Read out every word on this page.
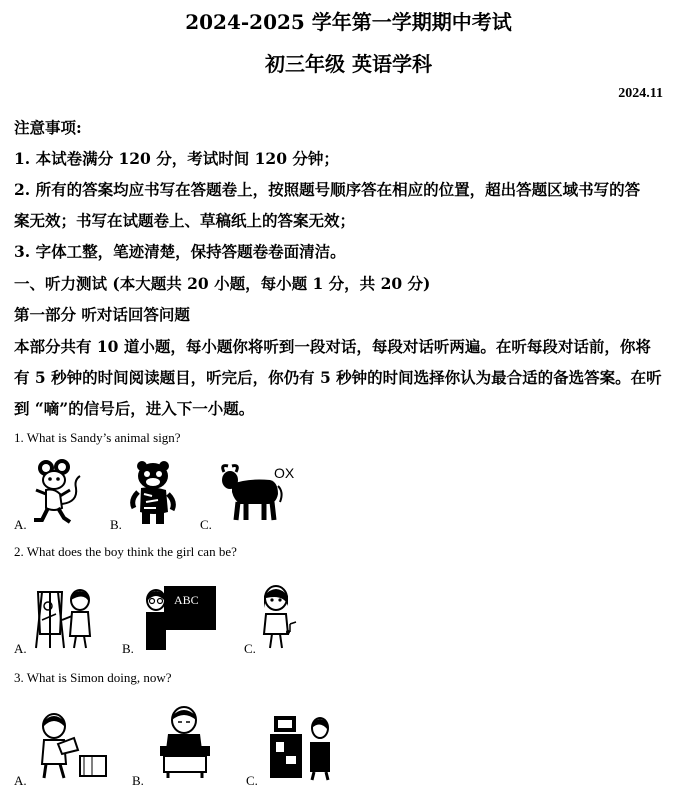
2024-2025 学年第一学期期中考试
初三年级 英语学科
2024.11
注意事项:
1. 本试卷满分 120 分，考试时间 120 分钟；
2. 所有的答案均应书写在答题卷上，按照题号顺序答在相应的位置，超出答题区域书写的答
案无效；书写在试题卷上、草稿纸上的答案无效；
3. 字体工整，笔迹清楚，保持答题卷卷面清洁。
一、听力测试 (本大题共 20 小题，每小题 1 分，共 20 分)
第一部分 听对话回答问题
本部分共有 10 道小题，每小题你将听到一段对话，每段对话听两遍。在听每段对话前，你将
有 5 秒钟的时间阅读题目，听完后，你仍有 5 秒钟的时间选择你认为最合适的备选答案。在听
到 “嘀”的信号后，进入下一小题。
1. What is Sandy’s animal sign?
A.	B.
OX
C.
2. What does the boy think the girl can be?
A.
ABC
B.	C.
3. What is Simon doing, now?
A.	B.	C.
